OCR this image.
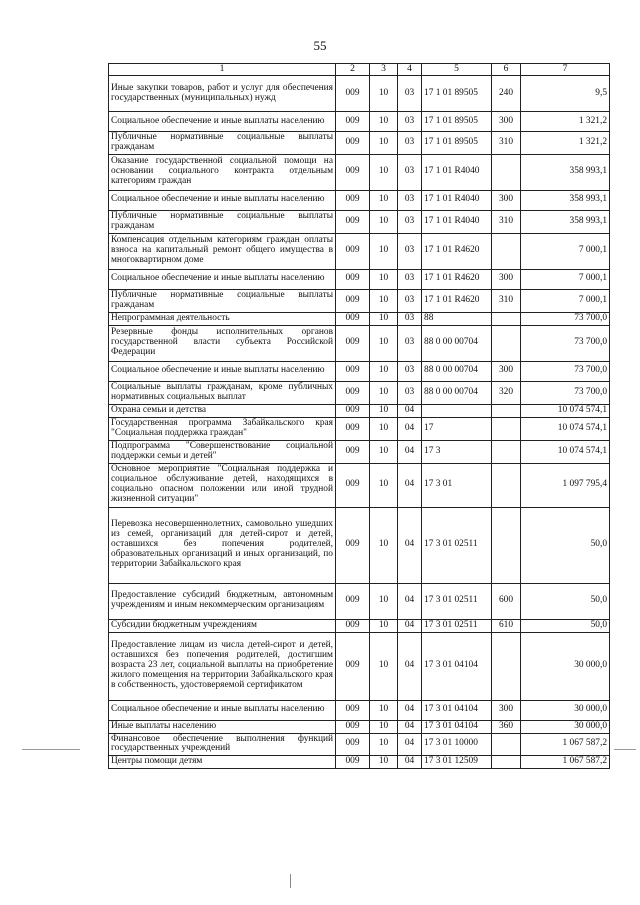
55
1	2	3	4	5	6	7
Иные закупки товаров, работ и услуг для обеспечения государственных (муниципальных) нужд	009	10	03	17 1 01 89505	240	9,5
Социальное обеспечение и иные выплаты населению	009	10	03	17 1 01 89505	300	1 321,2
Публичные нормативные социальные выплаты гражданам	009	10	03	17 1 01 89505	310	1 321,2
Оказание государственной социальной помощи на основании социального контракта отдельным категориям граждан	009	10	03	17 1 01 R4040		358 993,1
Социальное обеспечение и иные выплаты населению	009	10	03	17 1 01 R4040	300	358 993,1
Публичные нормативные социальные выплаты гражданам	009	10	03	17 1 01 R4040	310	358 993,1
Компенсация отдельным категориям граждан оплаты взноса на капитальный ремонт общего имущества в многоквартирном доме	009	10	03	17 1 01 R4620		7 000,1
Социальное обеспечение и иные выплаты населению	009	10	03	17 1 01 R4620	300	7 000,1
Публичные нормативные социальные выплаты гражданам	009	10	03	17 1 01 R4620	310	7 000,1
Непрограммная деятельность	009	10	03	88		73 700,0
Резервные фонды исполнительных органов государственной власти субъекта Российской Федерации	009	10	03	88 0 00 00704		73 700,0
Социальное обеспечение и иные выплаты населению	009	10	03	88 0 00 00704	300	73 700,0
Социальные выплаты гражданам, кроме публичных нормативных социальных выплат	009	10	03	88 0 00 00704	320	73 700,0
Охрана семьи и детства	009	10	04			10 074 574,1
Государственная программа Забайкальского края "Социальная поддержка граждан"	009	10	04	17		10 074 574,1
Подпрограмма "Совершенствование социальной поддержки семьи и детей"	009	10	04	17 3		10 074 574,1
Основное мероприятие "Социальная поддержка и социальное обслуживание детей, находящихся в социально опасном положении или иной трудной жизненной ситуации"	009	10	04	17 3 01		1 097 795,4
Перевозка несовершеннолетних, самовольно ушедших из семей, организаций для детей-сирот и детей, оставшихся без попечения родителей, образовательных организаций и иных организаций, по территории Забайкальского края	009	10	04	17 3 01 02511		50,0
Предоставление субсидий бюджетным, автономным учреждениям и иным некоммерческим организациям	009	10	04	17 3 01 02511	600	50,0
Субсидии бюджетным учреждениям	009	10	04	17 3 01 02511	610	50,0
Предоставление лицам из числа детей-сирот и детей, оставшихся без попечения родителей, достигшим возраста 23 лет, социальной выплаты на приобретение жилого помещения на территории Забайкальского края в собственность, удостоверяемой сертификатом	009	10	04	17 3 01 04104		30 000,0
Социальное обеспечение и иные выплаты населению	009	10	04	17 3 01 04104	300	30 000,0
Иные выплаты населению	009	10	04	17 3 01 04104	360	30 000,0
Финансовое обеспечение выполнения функций государственных учреждений	009	10	04	17 3 01 10000		1 067 587,2
Центры помощи детям	009	10	04	17 3 01 12509		1 067 587,2
